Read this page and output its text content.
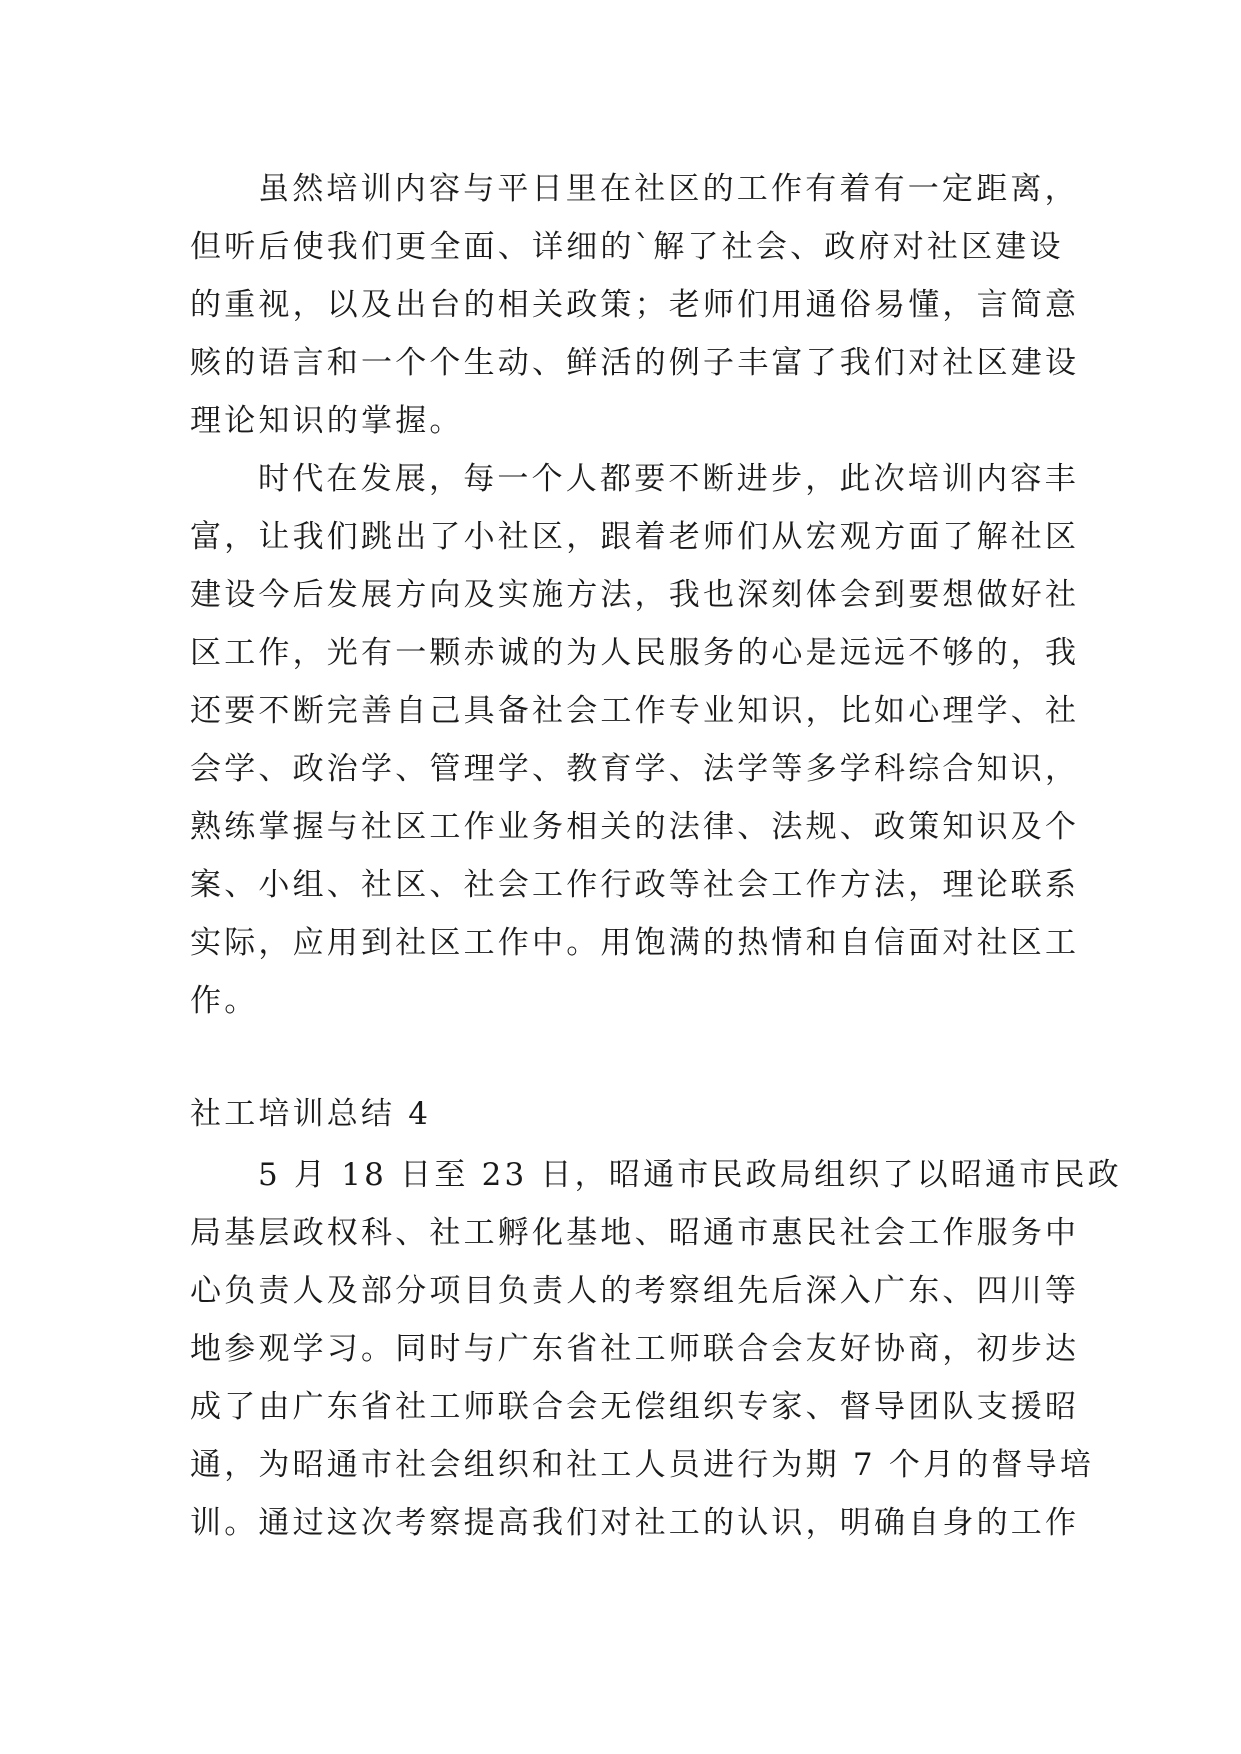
虽然培训内容与平日里在社区的工作有着有一定距离，
但听后使我们更全面、详细的`解了社会、政府对社区建设
的重视，以及出台的相关政策；老师们用通俗易懂，言简意
赅的语言和一个个生动、鲜活的例子丰富了我们对社区建设
理论知识的掌握。
时代在发展，每一个人都要不断进步，此次培训内容丰
富，让我们跳出了小社区，跟着老师们从宏观方面了解社区
建设今后发展方向及实施方法，我也深刻体会到要想做好社
区工作，光有一颗赤诚的为人民服务的心是远远不够的，我
还要不断完善自己具备社会工作专业知识，比如心理学、社
会学、政治学、管理学、教育学、法学等多学科综合知识，
熟练掌握与社区工作业务相关的法律、法规、政策知识及个
案、小组、社区、社会工作行政等社会工作方法，理论联系
实际，应用到社区工作中。用饱满的热情和自信面对社区工
作。
社工培训总结 4
5 月 18 日至 23 日，昭通市民政局组织了以昭通市民政
局基层政权科、社工孵化基地、昭通市惠民社会工作服务中
心负责人及部分项目负责人的考察组先后深入广东、四川等
地参观学习。同时与广东省社工师联合会友好协商，初步达
成了由广东省社工师联合会无偿组织专家、督导团队支援昭
通，为昭通市社会组织和社工人员进行为期 7 个月的督导培
训。通过这次考察提高我们对社工的认识，明确自身的工作
